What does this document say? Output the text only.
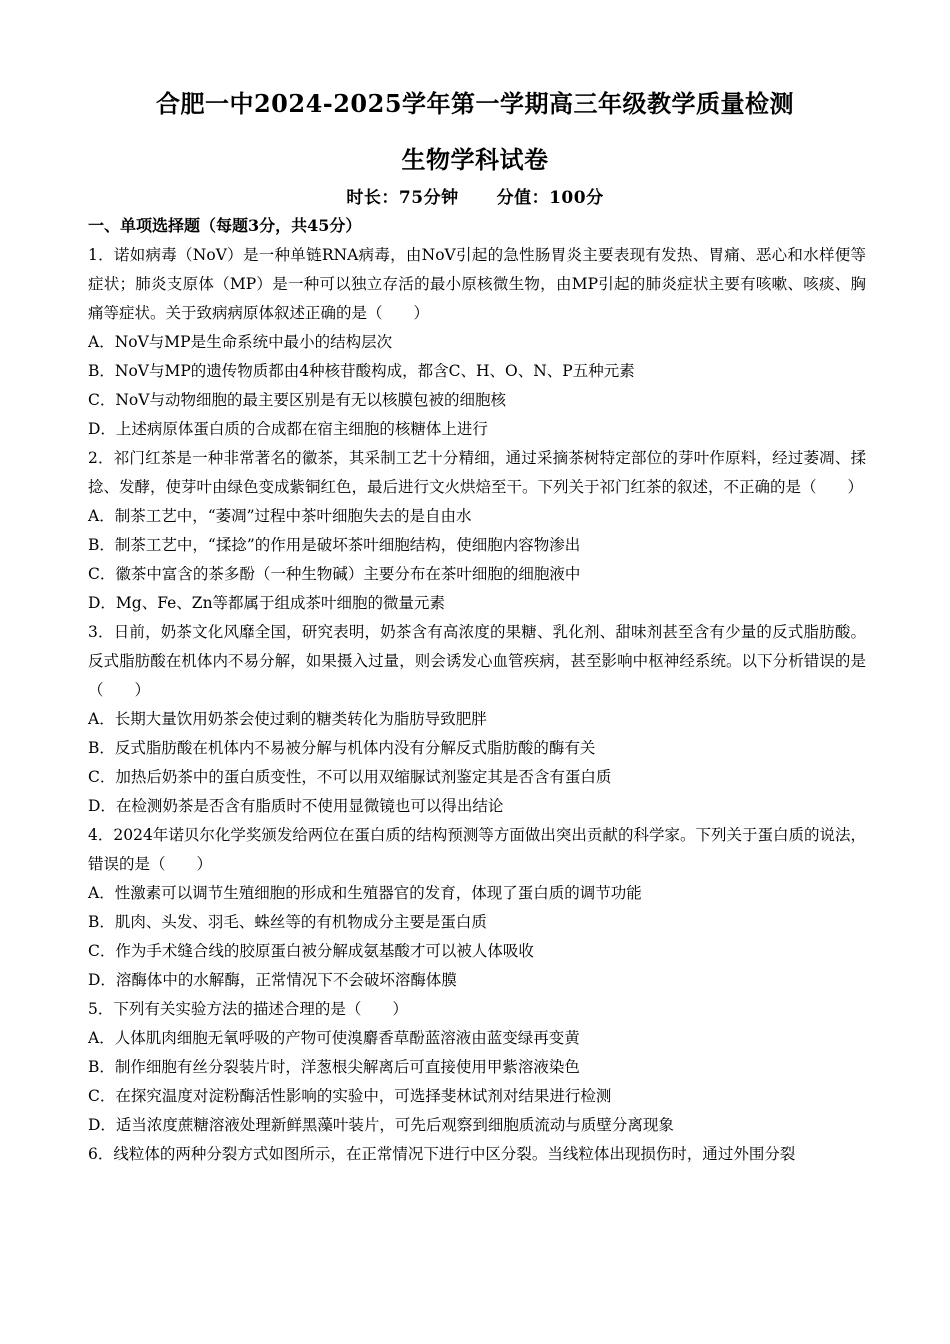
合肥一中2024-2025学年第一学期高三年级教学质量检测
生物学科试卷
时长：75分钟 分值：100分
一、单项选择题（每题3分，共45分）

1．诺如病毒（NoV）是一种单链RNA病毒，由NoV引起的急性肠胃炎主要表现有发热、胃痛、恶心和水样便等症状；肺炎支原体（MP）是一种可以独立存活的最小原核微生物，由MP引起的肺炎症状主要有咳嗽、咳痰、胸痛等症状。关于致病病原体叙述正确的是（　　）

A．NoV与MP是生命系统中最小的结构层次

B．NoV与MP的遗传物质都由4种核苷酸构成，都含C、H、O、N、P五种元素

C．NoV与动物细胞的最主要区别是有无以核膜包被的细胞核

D．上述病原体蛋白质的合成都在宿主细胞的核糖体上进行

2．祁门红茶是一种非常著名的徽茶，其采制工艺十分精细，通过采摘茶树特定部位的芽叶作原料，经过萎凋、揉捻、发酵，使芽叶由绿色变成紫铜红色，最后进行文火烘焙至干。下列关于祁门红茶的叙述，不正确的是（　　）

A．制茶工艺中，“萎凋”过程中茶叶细胞失去的是自由水

B．制茶工艺中，“揉捻”的作用是破坏茶叶细胞结构，使细胞内容物渗出

C．徽茶中富含的茶多酚（一种生物碱）主要分布在茶叶细胞的细胞液中

D．Mg、Fe、Zn等都属于组成茶叶细胞的微量元素

3．日前，奶茶文化风靡全国，研究表明，奶茶含有高浓度的果糖、乳化剂、甜味剂甚至含有少量的反式脂肪酸。反式脂肪酸在机体内不易分解，如果摄入过量，则会诱发心血管疾病，甚至影响中枢神经系统。以下分析错误的是（　　）

A．长期大量饮用奶茶会使过剩的糖类转化为脂肪导致肥胖

B．反式脂肪酸在机体内不易被分解与机体内没有分解反式脂肪酸的酶有关

C．加热后奶茶中的蛋白质变性，不可以用双缩脲试剂鉴定其是否含有蛋白质

D．在检测奶茶是否含有脂质时不使用显微镜也可以得出结论

4．2024年诺贝尔化学奖颁发给两位在蛋白质的结构预测等方面做出突出贡献的科学家。下列关于蛋白质的说法，错误的是（　　）

A．性激素可以调节生殖细胞的形成和生殖器官的发育，体现了蛋白质的调节功能

B．肌肉、头发、羽毛、蛛丝等的有机物成分主要是蛋白质

C．作为手术缝合线的胶原蛋白被分解成氨基酸才可以被人体吸收

D．溶酶体中的水解酶，正常情况下不会破坏溶酶体膜

5．下列有关实验方法的描述合理的是（　　）

A．人体肌肉细胞无氧呼吸的产物可使溴麝香草酚蓝溶液由蓝变绿再变黄

B．制作细胞有丝分裂装片时，洋葱根尖解离后可直接使用甲紫溶液染色

C．在探究温度对淀粉酶活性影响的实验中，可选择斐林试剂对结果进行检测

D．适当浓度蔗糖溶液处理新鲜黑藻叶装片，可先后观察到细胞质流动与质壁分离现象

6．线粒体的两种分裂方式如图所示，在正常情况下进行中区分裂。当线粒体出现损伤时，通过外围分裂
